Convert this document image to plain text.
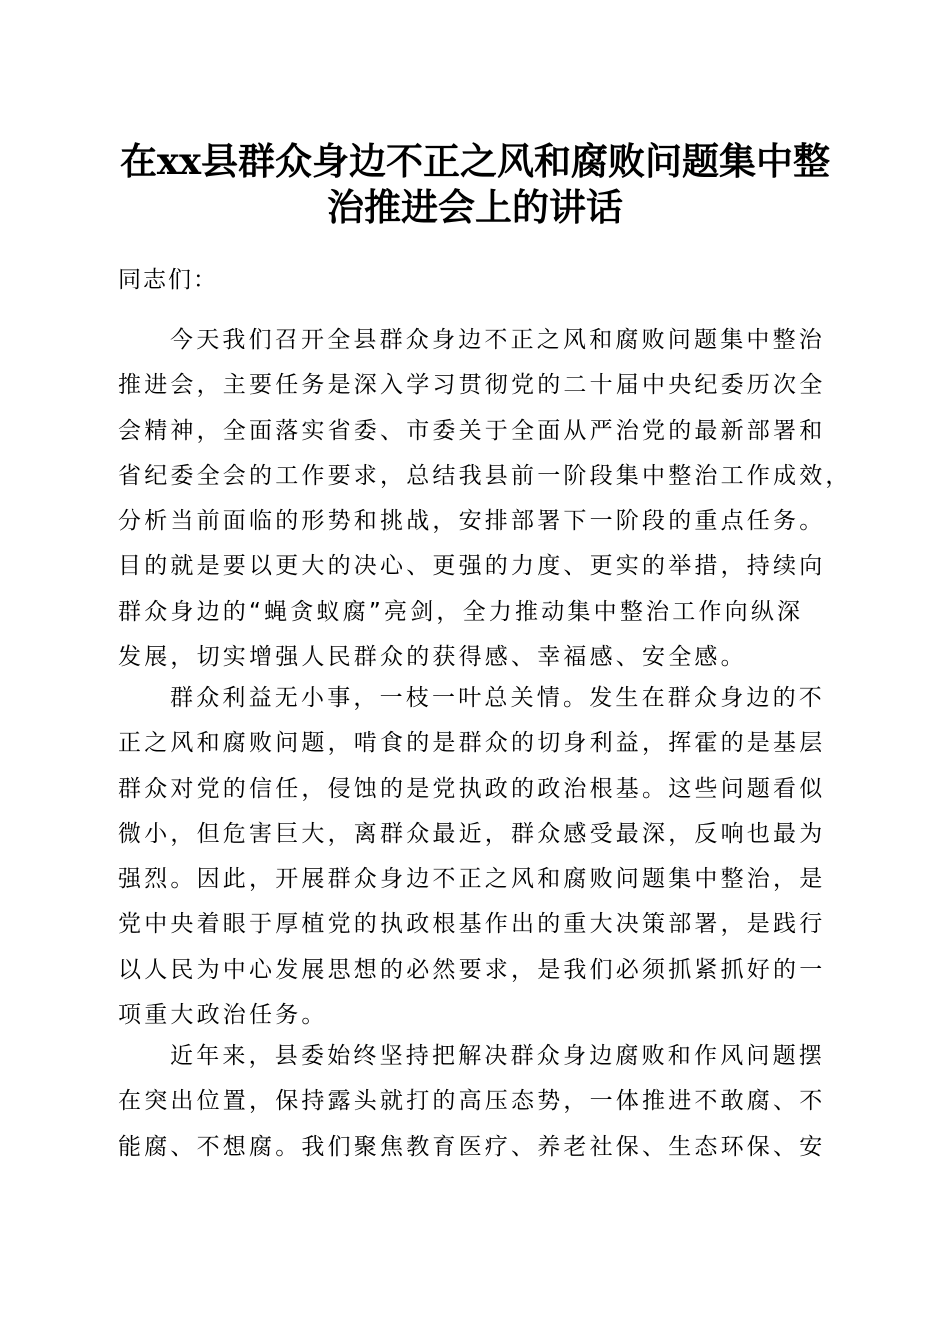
在xx县群众身边不正之风和腐败问题集中整
治推进会上的讲话
同志们：
今天我们召开全县群众身边不正之风和腐败问题集中整治
推进会，主要任务是深入学习贯彻党的二十届中央纪委历次全
会精神，全面落实省委、市委关于全面从严治党的最新部署和
省纪委全会的工作要求，总结我县前一阶段集中整治工作成效，
分析当前面临的形势和挑战，安排部署下一阶段的重点任务。
目的就是要以更大的决心、更强的力度、更实的举措，持续向
群众身边的“蝇贪蚁腐”亮剑，全力推动集中整治工作向纵深
发展，切实增强人民群众的获得感、幸福感、安全感。
群众利益无小事，一枝一叶总关情。发生在群众身边的不
正之风和腐败问题，啃食的是群众的切身利益，挥霍的是基层
群众对党的信任，侵蚀的是党执政的政治根基。这些问题看似
微小，但危害巨大，离群众最近，群众感受最深，反响也最为
强烈。因此，开展群众身边不正之风和腐败问题集中整治，是
党中央着眼于厚植党的执政根基作出的重大决策部署，是践行
以人民为中心发展思想的必然要求，是我们必须抓紧抓好的一
项重大政治任务。
近年来，县委始终坚持把解决群众身边腐败和作风问题摆
在突出位置，保持露头就打的高压态势，一体推进不敢腐、不
能腐、不想腐。我们聚焦教育医疗、养老社保、生态环保、安
